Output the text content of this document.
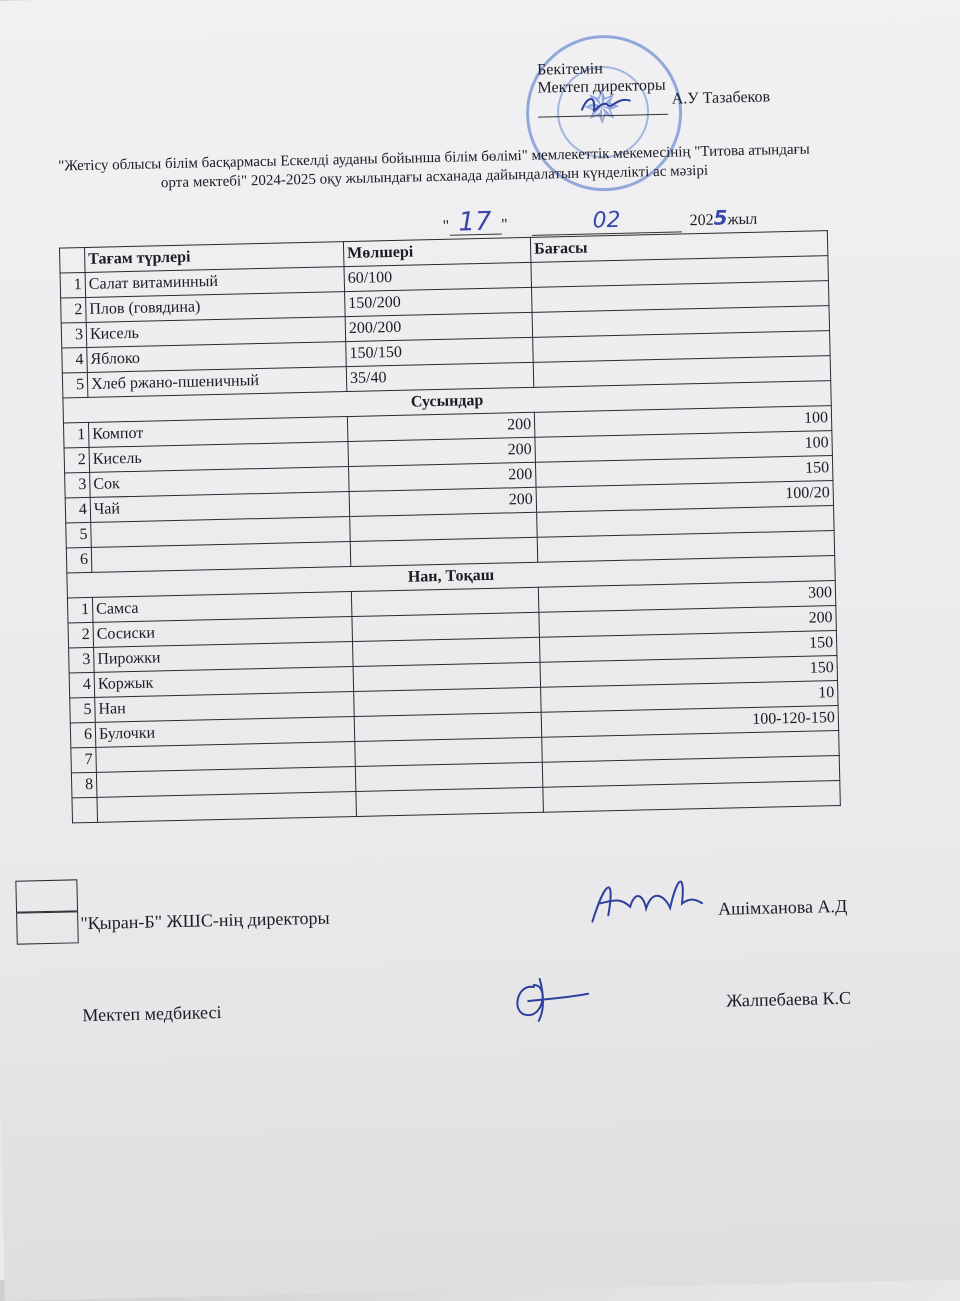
✵
Бекітемін
Мектеп директоры
А.У Тазабеков
"Жетісу облысы білім басқармасы Ескелді ауданы бойынша білім бөлімі" мемлекеттік мекемесінің "Титова атындағы орта мектебі" 2024-2025 оқу жылындағы асханада дайындалатын күнделікті ас мәзірі
" 17 "	02	2025жыл
	Тағам түрлері	Мөлшері	Бағасы
1	Салат витаминный	60/100	
2	Плов (говядина)	150/200	
3	Кисель	200/200	
4	Яблоко	150/150	
5	Хлеб ржано-пшеничный	35/40	
Сусындар			
1	Компот	200	100
2	Кисель	200	100
3	Сок	200	150
4	Чай	200	100/20
5			
6			
Нан, Тоқаш			
1	Самса		300
2	Сосиски		200
3	Пирожки		150
4	Коржык		150
5	Нан		10
6	Булочки		100-120-150
7			
8			

"Қыран-Б" ЖШС-нің директоры
Ашімханова А.Д
Мектеп медбикесі
Жалпебаева К.С
